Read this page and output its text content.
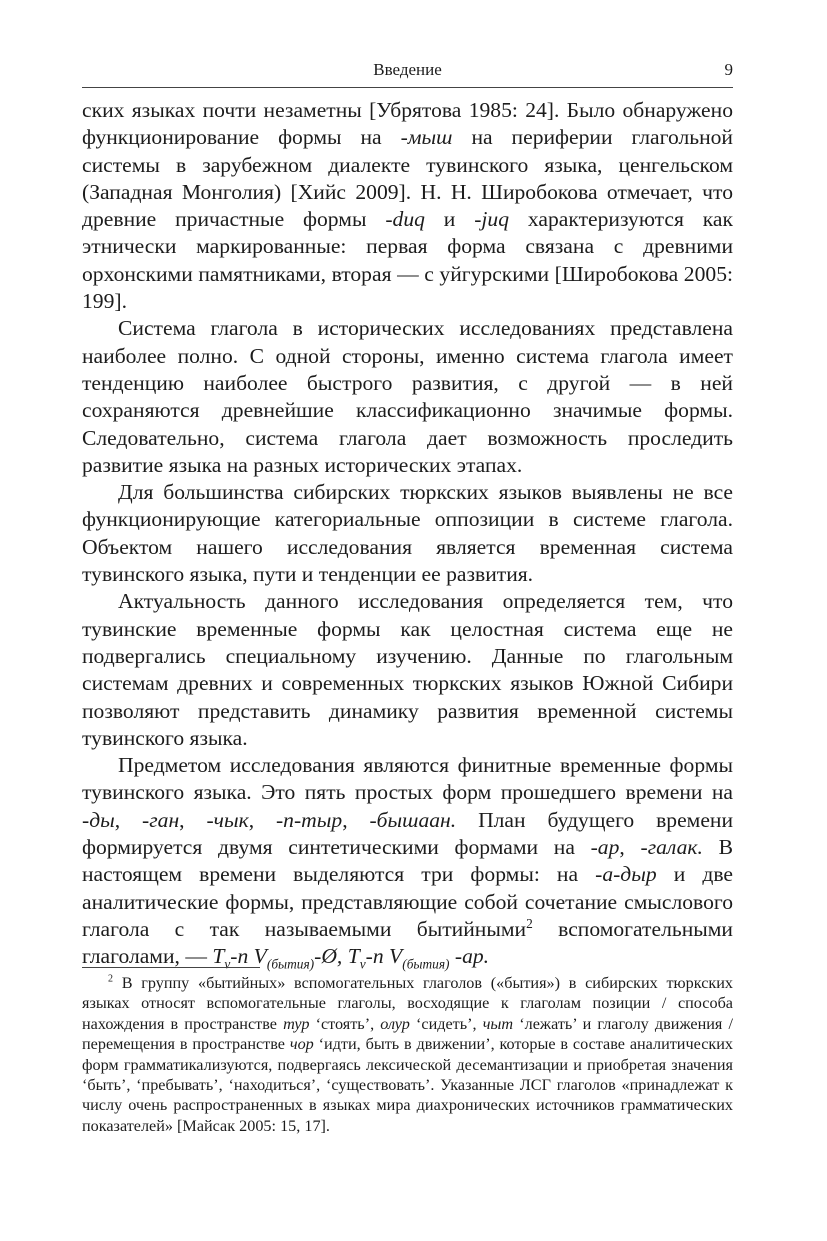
Введение	9

ских языках почти незаметны [Убрятова 1985: 24]. Было обнаружено функционирование формы на -мыш на периферии глагольной системы в зарубежном диалекте тувинского языка, ценгельском (Западная Монголия) [Хийс 2009]. Н. Н. Широбокова отмечает, что древние причастные формы -duq и -juq характеризуются как этнически маркированные: первая форма связана с древними орхонскими памятниками, вторая — с уйгурскими [Широбокова 2005: 199].

Система глагола в исторических исследованиях представлена наиболее полно. С одной стороны, именно система глагола имеет тенденцию наиболее быстрого развития, с другой — в ней сохраняются древнейшие классификационно значимые формы. Следовательно, система глагола дает возможность проследить развитие языка на разных исторических этапах.

Для большинства сибирских тюркских языков выявлены не все функционирующие категориальные оппозиции в системе глагола. Объектом нашего исследования является временная система тувинского языка, пути и тенденции ее развития.

Актуальность данного исследования определяется тем, что тувинские временные формы как целостная система еще не подвергались специальному изучению. Данные по глагольным системам древних и современных тюркских языков Южной Сибири позволяют представить динамику развития временной системы тувинского языка.

Предметом исследования являются финитные временные формы тувинского языка. Это пять простых форм прошедшего времени на -ды, -ган, -чык, -п-тыр, -бышаан. План будущего времени формируется двумя синтетическими формами на -ар, -галак. В настоящем времени выделяются три формы: на -а-дыр и две аналитические формы, представляющие собой сочетание смыслового глагола с так называемыми бытийными$^2$ вспомогательными глаголами, — $T_v-п$ $V_{(бытия)}-Ø$, $T_v-п$ $V_{(бытия)}$ -ар.

$^2$ В группу «бытийных» вспомогательных глаголов («бытия») в сибирских тюркских языках относят вспомогательные глаголы, восходящие к глаголам позиции / способа нахождения в пространстве тур ‘стоять’, олур ‘сидеть’, чыт ‘лежать’ и глаголу движения / перемещения в пространстве чор ‘идти, быть в движении’, которые в составе аналитических форм грамматикализуются, подвергаясь лексической десемантизации и приобретая значения ‘быть’, ‘пребывать’, ‘находиться’, ‘существовать’. Указанные ЛСГ глаголов «принадлежат к числу очень распространенных в языках мира диахронических источников грамматических показателей» [Майсак 2005: 15, 17].
